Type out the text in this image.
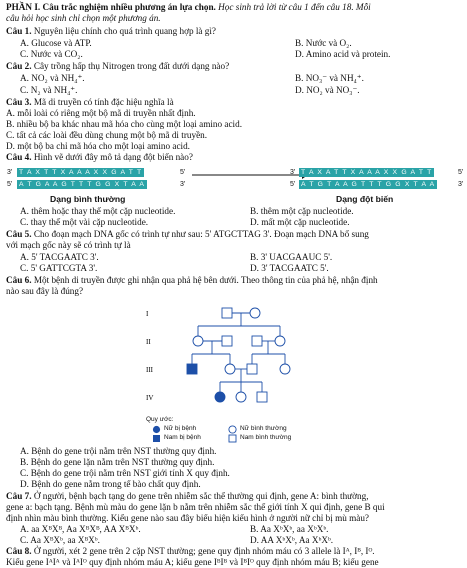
PHẦN I. Câu trắc nghiệm nhiều phương án lựa chọn. Học sinh trả lời từ câu 1 đến câu 18. Mỗi
câu hỏi học sinh chỉ chọn một phương án.
Câu 1. Nguyên liệu chính cho quá trình quang hợp là gì?
A. Glucose và ATP.	B. Nước và O₂.
C. Nước và CO₂.	D. Amino acid và protein.
Câu 2. Cây trồng hấp thụ Nitrogen trong đất dưới dạng nào?
A. NO₂ và NH₄⁺.	B. NO₃⁻ và NH₄⁺.
C. N₂ và NH₄⁺.	D. NO₂ và NO₃⁻.
Câu 3. Mã di truyền có tính đặc hiệu nghĩa là
A. mỗi loài có riêng một bộ mã di truyền nhất định.
B. nhiều bộ ba khác nhau mã hóa cho cùng một loại amino acid.
C. tất cả các loài đều dùng chung một bộ mã di truyền.
D. một bộ ba chỉ mã hóa cho một loại amino acid.
Câu 4. Hình vẽ dưới đây mô tả dạng đột biến nào?
3' T A X T T X A A A X X G A T T	5'
5' A T G A A G T T T G G X T A A	3'
3' T A X A T T X A A A X X G A T T	5'
5' A T G T A A G T T T G G X T A A	3'
Dạng bình thường	Dạng đột biến
A. thêm hoặc thay thế một cặp nucleotide.	B. thêm một cặp nucleotide.
C. thay thế một vài cặp nucleotide.	D. mất một cặp nucleotide.
Câu 5. Cho đoạn mạch DNA gốc có trình tự như sau: 5' ATGCTTAG 3'. Đoạn mạch DNA bổ sung
với mạch gốc này sẽ có trình tự là
A. 5' TACGAATC 3'.	B. 3' UACGAAUC 5'.
C. 5' GATTCGTA 3'.	D. 3' TACGAATC 5'.
Câu 6. Một bệnh di truyền được ghi nhận qua phả hệ bên dưới. Theo thông tin của phả hệ, nhận định
nào sau đây là đúng?
I
II
III
IV
Quy ước:
Nữ bị bệnh	Nữ bình thường
Nam bị bệnh	Nam bình thường
A. Bệnh do gene trội nằm trên NST thường quy định.
B. Bệnh do gene lặn nằm trên NST thường quy định.
C. Bệnh do gene trội nằm trên NST giới tính X quy định.
D. Bệnh do gene nằm trong tế bào chất quy định.
Câu 7. Ở người, bệnh bạch tạng do gene trên nhiễm sắc thể thường qui định, gene A: bình thường,
gene a: bạch tạng. Bệnh mù màu do gene lặn b nằm trên nhiễm sắc thể giới tính X qui định, gene B qui
định nhìn màu bình thường. Kiểu gene nào sau đây biểu hiện kiểu hình ở người nữ chỉ bị mù màu?
A. aa XᴮXᴮ, Aa XᴮXᴮ, AA XᴮXᵇ.	B. Aa XᵇXᵇ, aa XᵇXᵇ.
C. Aa XᴮXᵇ, aa XᴮXᵇ.	D. AA XᵇXᵇ, Aa XᵇXᵇ.
Câu 8. Ở người, xét 2 gene trên 2 cặp NST thường; gene quy định nhóm máu có 3 allele là Iᴬ, Iᴮ, Iᴼ.
Kiểu gene IᴬIᴬ và IᴬIᴼ quy định nhóm máu A; kiểu gene IᴮIᴮ và IᴮIᴼ quy định nhóm máu B; kiểu gene
